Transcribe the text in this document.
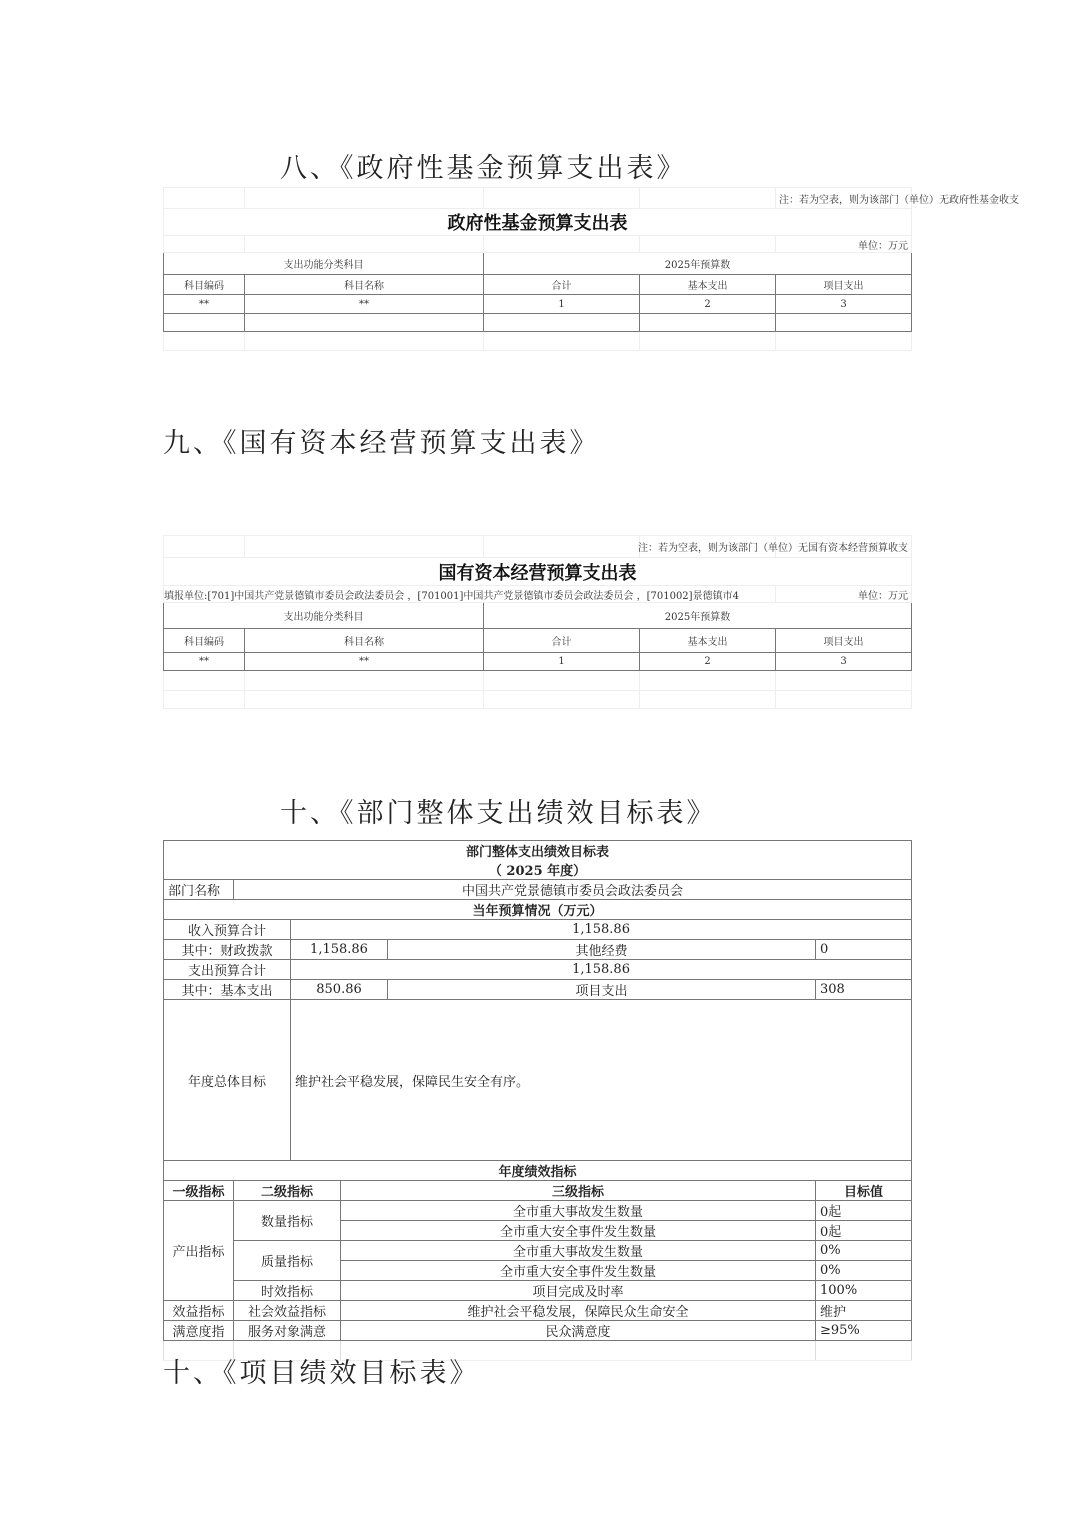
八、《政府性基金预算支出表》
				注：若为空表，则为该部门（单位）无政府性基金收支
政府性基金预算支出表				
				单位：万元
支出功能分类科目		2025年预算数		
科目编码	科目名称	合计	基本支出	项目支出
**	**	1	2	3

九、《国有资本经营预算支出表》
				注：若为空表，则为该部门（单位）无国有资本经营预算收支
国有资本经营预算支出表				
填报单位:[701]中国共产党景德镇市委员会政法委员会 ，[701001]中国共产党景德镇市委员会政法委员会 ，[701002]景德镇市4				单位：万元
支出功能分类科目		2025年预算数		
科目编码	科目名称	合计	基本支出	项目支出
**	**	1	2	3

十、《部门整体支出绩效目标表》
部门整体支出绩效目标表					
（ 2025 年度）					
部门名称	中国共产党景德镇市委员会政法委员会				
当年预算情况（万元）					
收入预算合计		1,158.86			
其中：财政拨款		1,158.86		其他经费	0
支出预算合计		1,158.86			
其中：基本支出		850.86		项目支出	308
年度总体目标		维护社会平稳发展，保障民生安全有序。			
年度绩效指标					
一级指标	二级指标		三级指标		目标值
产出指标	数量指标		全市重大事故发生数量		0起
			全市重大安全事件发生数量		0起
	质量指标		全市重大事故发生数量		0%
			全市重大安全事件发生数量		0%
	时效指标		项目完成及时率		100%
效益指标	社会效益指标		维护社会平稳发展，保障民众生命安全		维护
满意度指	服务对象满意		民众满意度		≥95%

十、《项目绩效目标表》
